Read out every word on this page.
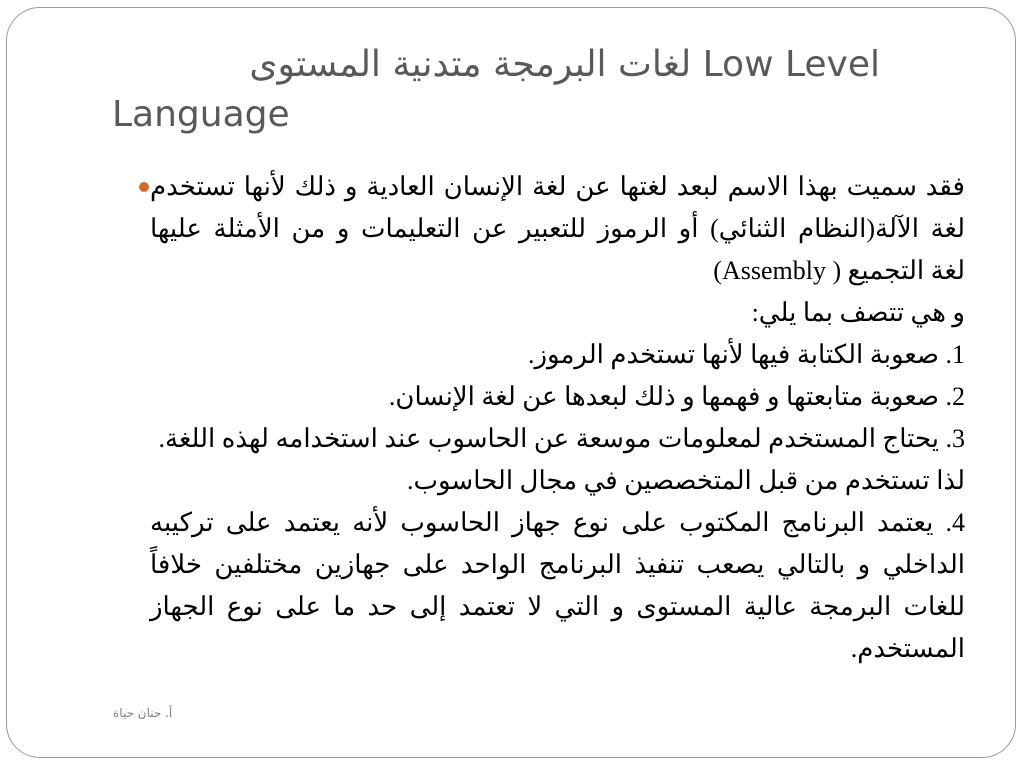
لغات البرمجة متدنية المستوى Low Level
Language
فقد سميت بهذا الاسم لبعد لغتها عن لغة الإنسان العادية و ذلك لأنها تستخدم
لغة الآلة(النظام الثنائي) أو الرموز للتعبير عن التعليمات و من الأمثلة عليها
لغة التجميع ( Assembly)
و هي تتصف بما يلي:
1. صعوبة الكتابة فيها لأنها تستخدم الرموز.
2. صعوبة متابعتها و فهمها و ذلك لبعدها عن لغة الإنسان.
3. يحتاج المستخدم لمعلومات موسعة عن الحاسوب عند استخدامه لهذه اللغة.
لذا تستخدم من قبل المتخصصين في مجال الحاسوب.
4. يعتمد البرنامج المكتوب على نوع جهاز الحاسوب لأنه يعتمد على تركيبه
الداخلي و بالتالي يصعب تنفيذ البرنامج الواحد على جهازين مختلفين خلافاً
للغات البرمجة عالية المستوى و التي لا تعتمد إلى حد ما على نوع الجهاز
المستخدم.
أ. حنان حياة
